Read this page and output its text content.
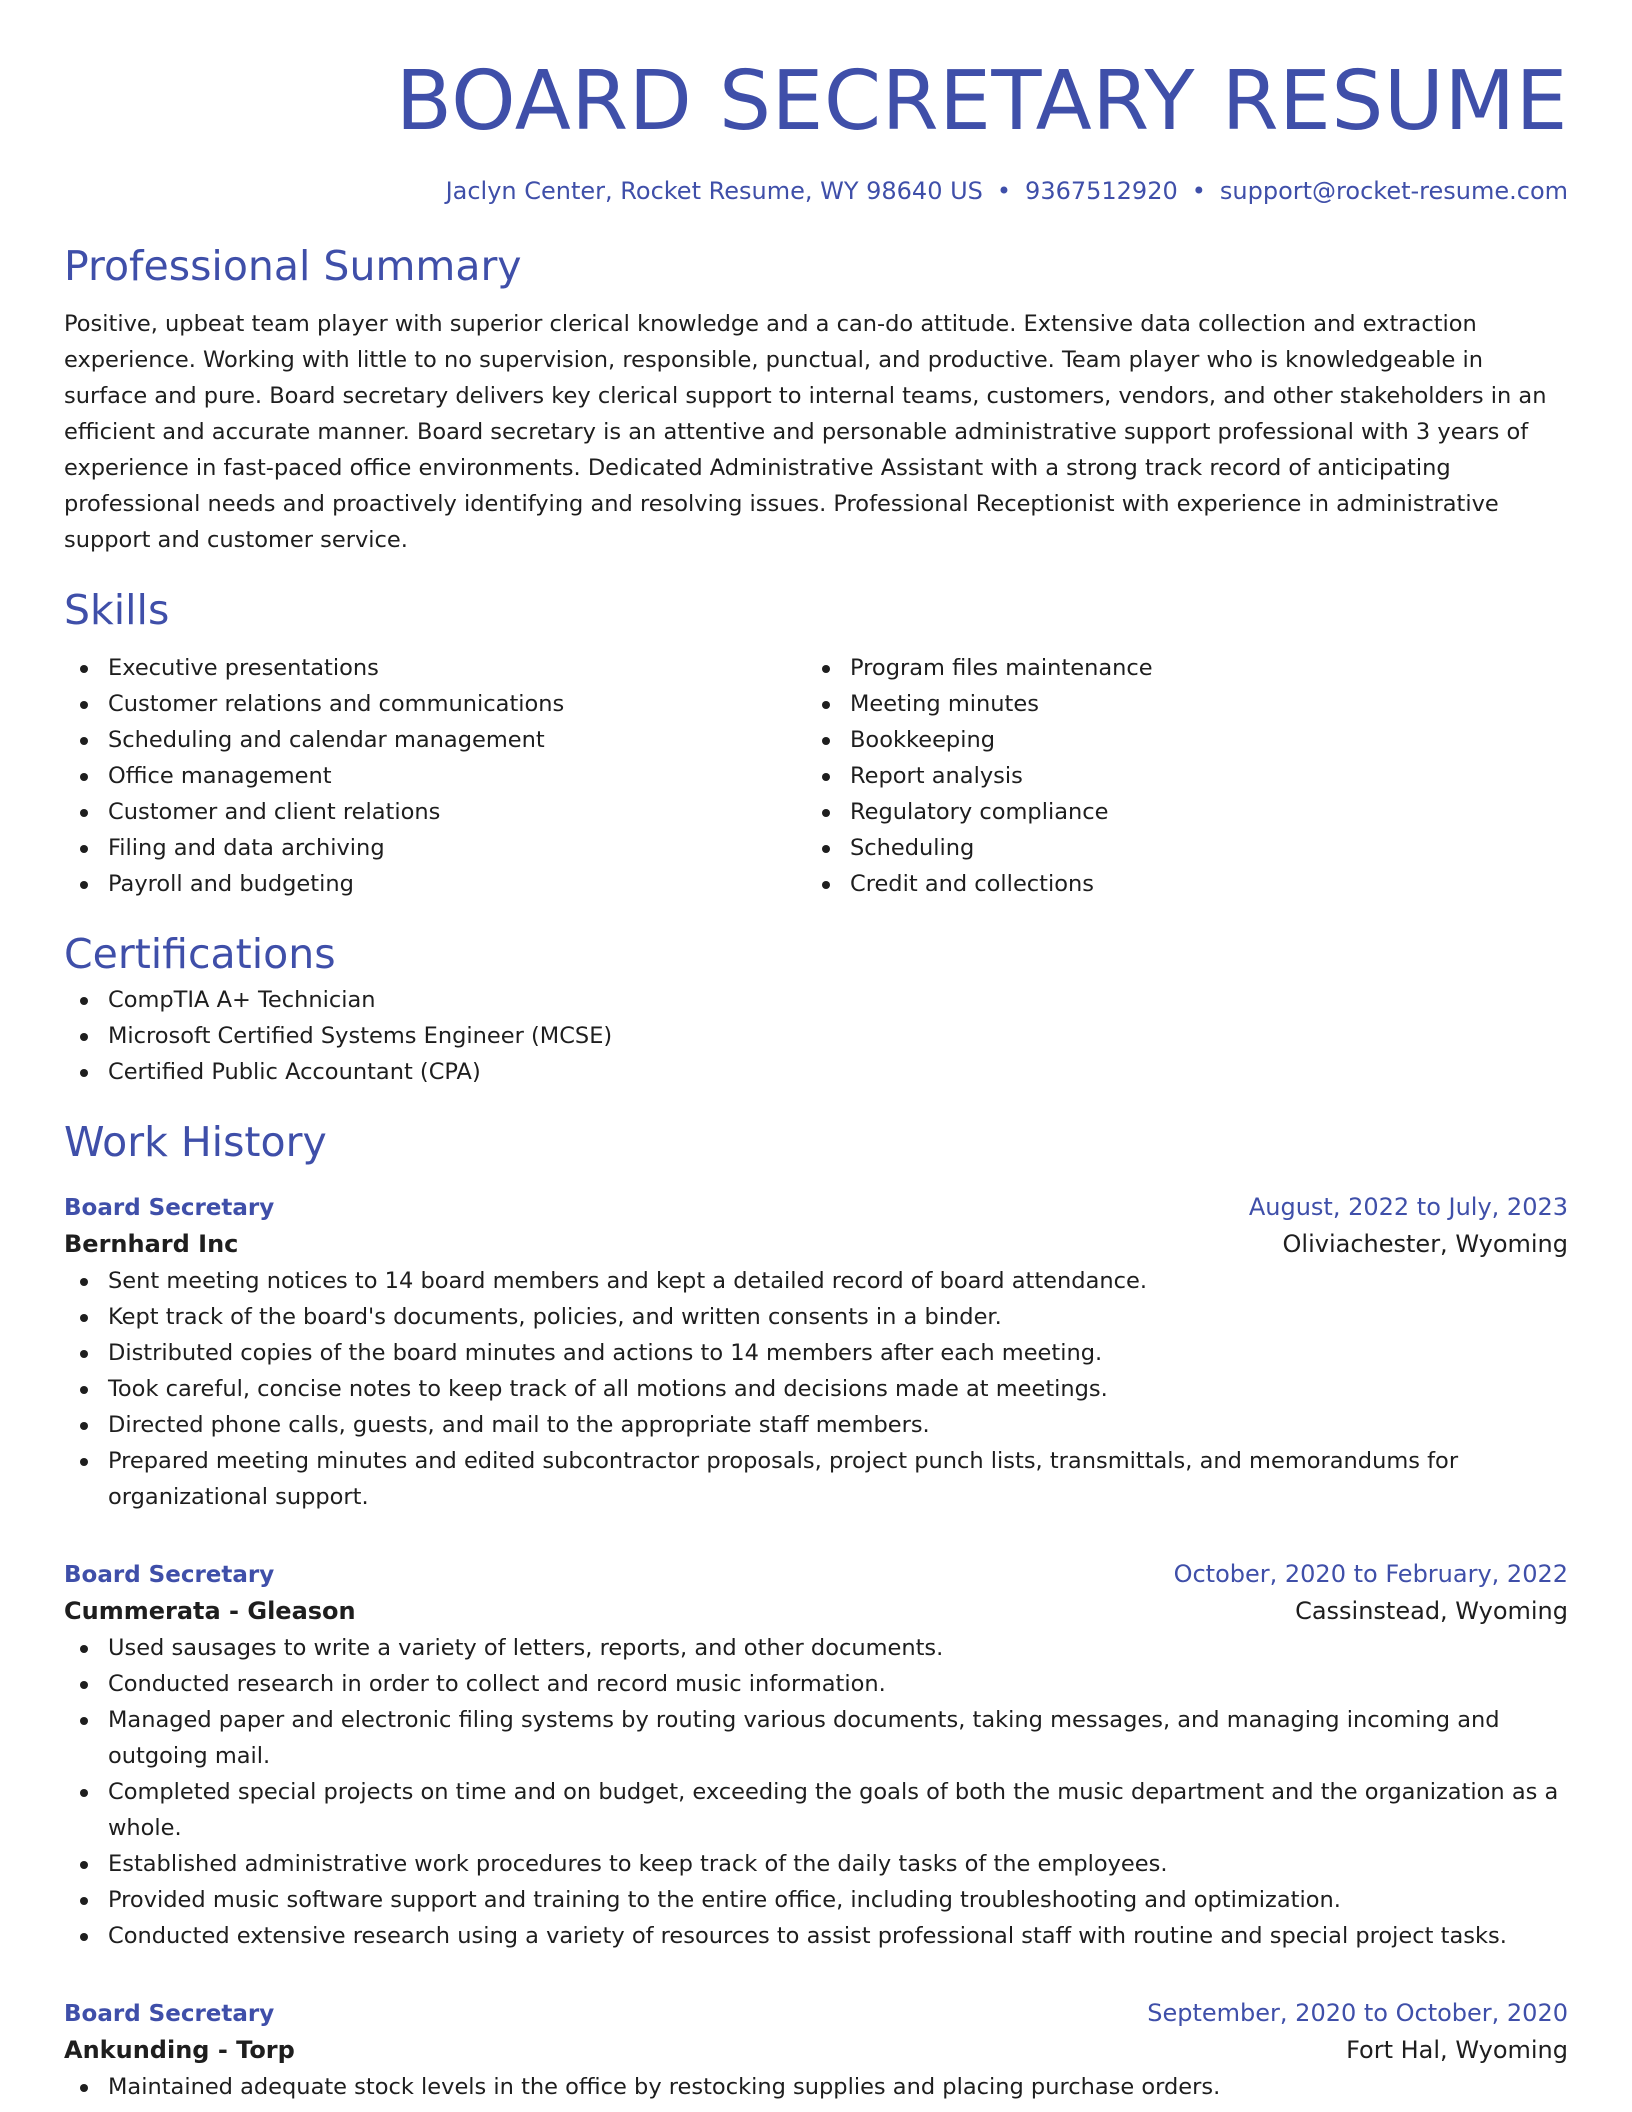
BOARD SECRETARY RESUME
Jaclyn Center, Rocket Resume, WY 98640 US • 9367512920 • support@rocket-resume.com
Professional Summary

Positive, upbeat team player with superior clerical knowledge and a can-do attitude. Extensive data collection and extraction experience. Working with little to no supervision, responsible, punctual, and productive. Team player who is knowledgeable in surface and pure. Board secretary delivers key clerical support to internal teams, customers, vendors, and other stakeholders in an efficient and accurate manner. Board secretary is an attentive and personable administrative support professional with 3 years of experience in fast-paced office environments. Dedicated Administrative Assistant with a strong track record of anticipating professional needs and proactively identifying and resolving issues. Professional Receptionist with experience in administrative support and customer service.

Skills
Executive presentations
Customer relations and communications
Scheduling and calendar management
Office management
Customer and client relations
Filing and data archiving
Payroll and budgeting
Program files maintenance
Meeting minutes
Bookkeeping
Report analysis
Regulatory compliance
Scheduling
Credit and collections
Certifications
CompTIA A+ Technician
Microsoft Certified Systems Engineer (MCSE)
Certified Public Accountant (CPA)
Work History
Board Secretary	August, 2022 to July, 2023
Bernhard Inc	Oliviachester, Wyoming
Sent meeting notices to 14 board members and kept a detailed record of board attendance.
Kept track of the board's documents, policies, and written consents in a binder.
Distributed copies of the board minutes and actions to 14 members after each meeting.
Took careful, concise notes to keep track of all motions and decisions made at meetings.
Directed phone calls, guests, and mail to the appropriate staff members.
Prepared meeting minutes and edited subcontractor proposals, project punch lists, transmittals, and memorandums for organizational support.
Board Secretary	October, 2020 to February, 2022
Cummerata - Gleason	Cassinstead, Wyoming
Used sausages to write a variety of letters, reports, and other documents.
Conducted research in order to collect and record music information.
Managed paper and electronic filing systems by routing various documents, taking messages, and managing incoming and outgoing mail.
Completed special projects on time and on budget, exceeding the goals of both the music department and the organization as a whole.
Established administrative work procedures to keep track of the daily tasks of the employees.
Provided music software support and training to the entire office, including troubleshooting and optimization.
Conducted extensive research using a variety of resources to assist professional staff with routine and special project tasks.
Board Secretary	September, 2020 to October, 2020
Ankunding - Torp	Fort Hal, Wyoming
Maintained adequate stock levels in the office by restocking supplies and placing purchase orders.
